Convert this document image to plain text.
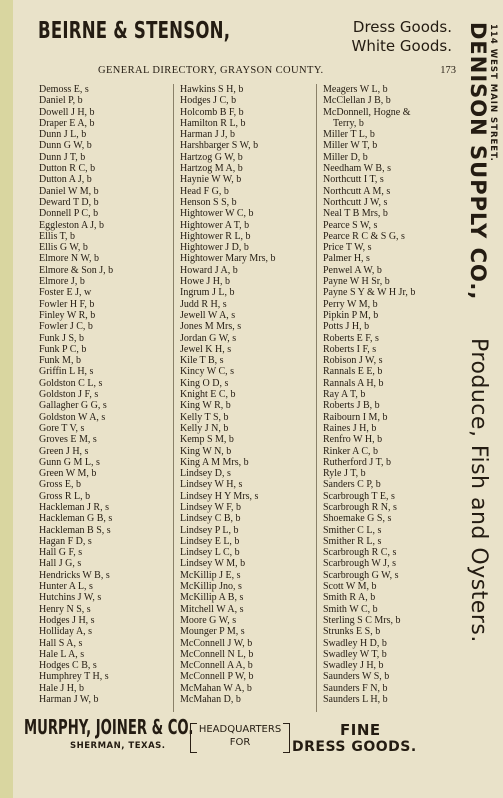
BEIRNE & STENSON,	Dress Goods.
White Goods.
GENERAL DIRECTORY, GRAYSON COUNTY.	173 DENISON SUPPLY CO.,
114 WEST MAIN STREET.
Produce, Fish and Oysters.
Demoss E, s
Daniel P, b
Dowell J H, b
Draper E A, b
Dunn J L, b
Dunn G W, b
Dunn J T, b
Dutton R C, b
Dutton A J, b
Daniel W M, b
Deward T D, b
Donnell P C, b
Eggleston A J, b
Ellis T, b
Ellis G W, b
Elmore N W, b
Elmore & Son J, b
Elmore J, b
Foster E J, w
Fowler H F, b
Finley W R, b
Fowler J C, b
Funk J S, b
Funk P C, b
Funk M, b
Griffin L H, s
Goldston C L, s
Goldston J F, s
Gallagher G G, s
Goldston W A, s
Gore T V, s
Groves E M, s
Green J H, s
Gunn G M L, s
Green W M, b
Gross E, b
Gross R L, b
Hackleman J R, s
Hackleman G B, s
Hackleman B S, s
Hagan F D, s
Hall G F, s
Hall J G, s
Hendricks W B, s
Hunter A L, s
Hutchins J W, s
Henry N S, s
Hodges J H, s
Holliday A, s
Hall S A, s
Hale L A, s
Hodges C B, s
Humphrey T H, s
Hale J H, b
Harman J W, b
Hawkins S H, b
Hodges J C, b
Holcomb B F, b
Hamilton R L, b
Harman J J, b
Harshbarger S W, b
Hartzog G W, b
Hartzog M A, b
Haynie W W, b
Head F G, b
Henson S S, b
Hightower W C, b
Hightower A T, b
Hightower R L, b
Hightower J D, b
Hightower Mary Mrs, b
Howard J A, b
Howe J H, b
Ingrum J L, b
Judd R H, s
Jewell W A, s
Jones M Mrs, s
Jordan G W, s
Jewel K H, s
Kile T B, s
Kincy W C, s
King O D, s
Knight E C, b
King W R, b
Kelly T S, b
Kelly J N, b
Kemp S M, b
King W N, b
King A M Mrs, b
Lindsey D, s
Lindsey W H, s
Lindsey H Y Mrs, s
Lindsey W F, b
Lindsey C B, b
Lindsey P L, b
Lindsey E L, b
Lindsey L C, b
Lindsey W M, b
McKillip J E, s
McKillip Jno, s
McKillip A B, s
Mitchell W A, s
Moore G W, s
Mounger P M, s
McConnell J W, b
McConnell N L, b
McConnell A A, b
McConnell P W, b
McMahan W A, b
McMahan D, b
Meagers W L, b
McClellan J B, b
McDonnell, Hogne &
Terry, b
Miller T L, b
Miller W T, b
Miller D, b
Needham W B, s
Northcutt I T, s
Northcutt A M, s
Northcutt J W, s
Neal T B Mrs, b
Pearce S W, s
Pearce R C & S G, s
Price T W, s
Palmer H, s
Penwel A W, b
Payne W H Sr, b
Payne S Y & W H Jr, b
Perry W M, b
Pipkin P M, b
Potts J H, b
Roberts E F, s
Roberts I F, s
Robison J W, s
Rannals E E, b
Rannals A H, b
Ray A T, b
Roberts J B, b
Raibourn I M, b
Raines J H, b
Renfro W H, b
Rinker A C, b
Rutherford J T, b
Ryle J T, b
Sanders C P, b
Scarbrough T E, s
Scarbrough R N, s
Shoemake G S, s
Smither C L, s
Smither R L, s
Scarbrough R C, s
Scarbrough W J, s
Scarbrough G W, s
Scott W M, b
Smith R A, b
Smith W C, b
Sterling S C Mrs, b
Strunks E S, b
Swadley H D, b
Swadley W T, b
Swadley J H, b
Saunders W S, b
Saunders F N, b
Saunders L H, b
MURPHY, JOINER & CO.
SHERMAN, TEXAS.
HEADQUARTERS
FOR
FINE
DRESS GOODS.
